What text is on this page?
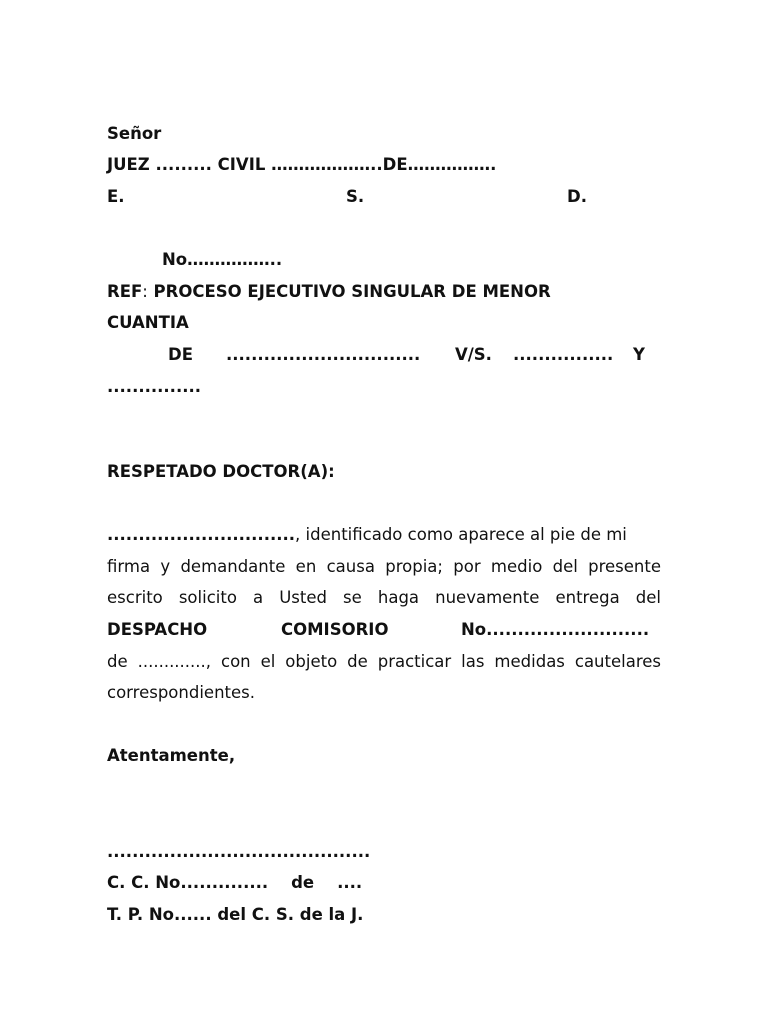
Señor
JUEZ ......... CIVIL ………………..DE…………….
E.	S.	D.
No……………..
REF: PROCESO EJECUTIVO SINGULAR DE MENOR
CUANTIA
DE ............................... V/S. ................ Y
...............
RESPETADO DOCTOR(A):
.............................., identificado como aparece al pie de mi
firma y demandante en causa propia; por medio del presente
escrito solicito a Usted se haga nuevamente entrega del
DESPACHO	COMISORIO	No..........................
de ............., con el objeto de practicar las medidas cautelares
correspondientes.
Atentamente,
..........................................
C. C. No..............    de    ....
T. P. No...... del C. S. de la J.
